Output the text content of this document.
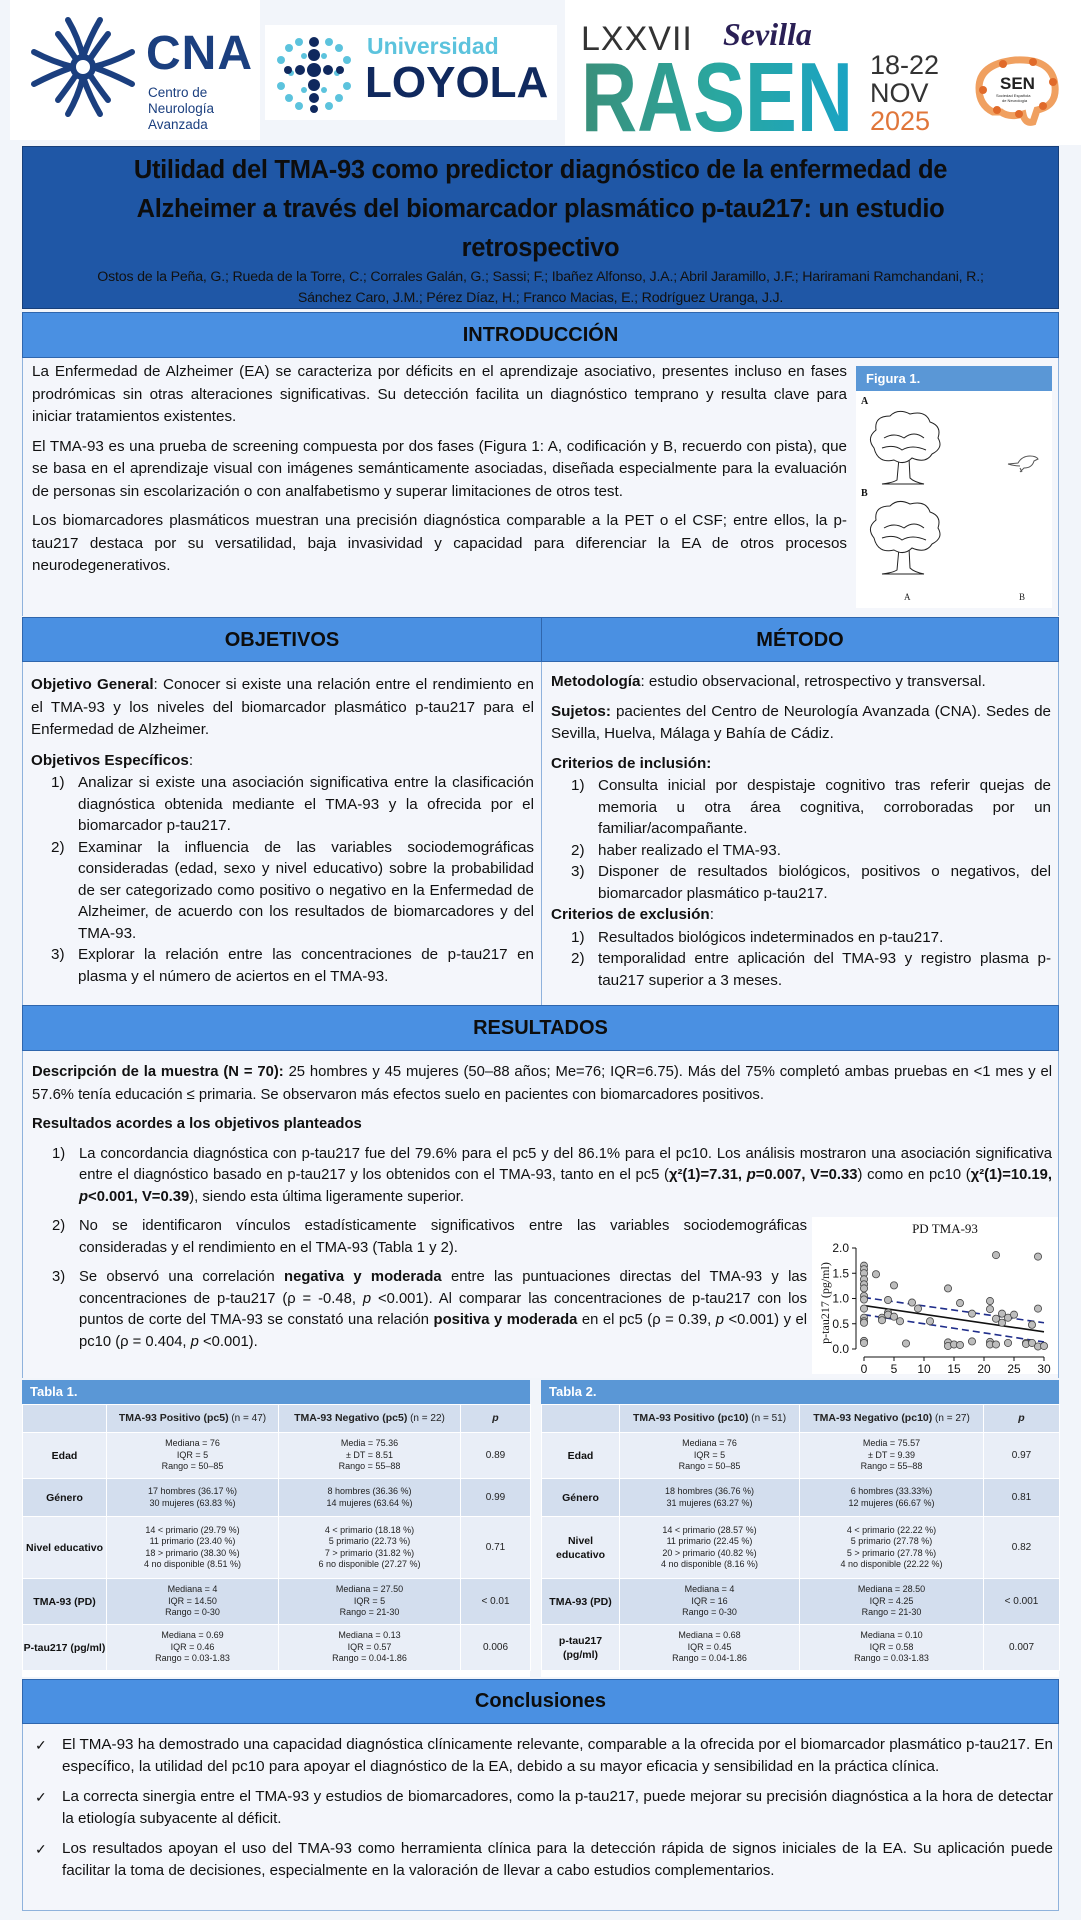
CNA
Centro de
Neurología
Avanzada
Universidad
LOYOLA
LXXVII Sevilla
RASEN 18-22
NOV
2025
SEN
Sociedad Española
de Neurología
Utilidad del TMA-93 como predictor diagnóstico de la enfermedad de Alzheimer a través del biomarcador plasmático p-tau217: un estudio retrospectivo
Ostos de la Peña, G.; Rueda de la Torre, C.; Corrales Galán, G.; Sassi; F.; Ibañez Alfonso, J.A.; Abril Jaramillo, J.F.; Hariramani Ramchandani, R.; Sánchez Caro, J.M.; Pérez Díaz, H.; Franco Macias, E.; Rodríguez Uranga, J.J.
INTRODUCCIÓN

La Enfermedad de Alzheimer (EA) se caracteriza por déficits en el aprendizaje asociativo, presentes incluso en fases prodrómicas sin otras alteraciones significativas. Su detección facilita un diagnóstico temprano y resulta clave para iniciar tratamientos existentes.

El TMA-93 es una prueba de screening compuesta por dos fases (Figura 1: A, codificación y B, recuerdo con pista), que se basa en el aprendizaje visual con imágenes semánticamente asociadas, diseñada especialmente para la evaluación de personas sin escolarización o con analfabetismo y superar limitaciones de otros test.

Los biomarcadores plasmáticos muestran una precisión diagnóstica comparable a la PET o el CSF; entre ellos, la p-tau217 destaca por su versatilidad, baja invasividad y capacidad para diferenciar la EA de otros procesos neurodegenerativos.

Figura 1.
A
B
A	B
OBJETIVOS

Objetivo General: Conocer si existe una relación entre el rendimiento en el TMA-93 y los niveles del biomarcador plasmático p-tau217 para el Enfermedad de Alzheimer.

Objetivos Específicos:

1) Analizar si existe una asociación significativa entre la clasificación diagnóstica obtenida mediante el TMA-93 y la ofrecida por el biomarcador p-tau217.
2) Examinar la influencia de las variables sociodemográficas consideradas (edad, sexo y nivel educativo) sobre la probabilidad de ser categorizado como positivo o negativo en la Enfermedad de Alzheimer, de acuerdo con los resultados de biomarcadores y del TMA-93.
3) Explorar la relación entre las concentraciones de p-tau217 en plasma y el número de aciertos en el TMA-93.
MÉTODO

Metodología: estudio observacional, retrospectivo y transversal.

Sujetos: pacientes del Centro de Neurología Avanzada (CNA). Sedes de Sevilla, Huelva, Málaga y Bahía de Cádiz.

Criterios de inclusión:

1) Consulta inicial por despistaje cognitivo tras referir quejas de memoria u otra área cognitiva, corroboradas por un familiar/acompañante.
2) haber realizado el TMA-93.
3) Disponer de resultados biológicos, positivos o negativos, del biomarcador plasmático p-tau217.

Criterios de exclusión:

1) Resultados biológicos indeterminados en p-tau217.
2) temporalidad entre aplicación del TMA-93 y registro plasma p-tau217 superior a 3 meses.
RESULTADOS

Descripción de la muestra (N = 70): 25 hombres y 45 mujeres (50–88 años; Me=76; IQR=6.75). Más del 75% completó ambas pruebas en <1 mes y el 57.6% tenía educación ≤ primaria. Se observaron más efectos suelo en pacientes con biomarcadores positivos.

Resultados acordes a los objetivos planteados

1) La concordancia diagnóstica con p-tau217 fue del 79.6% para el pc5 y del 86.1% para el pc10. Los análisis mostraron una asociación significativa entre el diagnóstico basado en p-tau217 y los obtenidos con el TMA-93, tanto en el pc5 (χ²(1)=7.31, p=0.007, V=0.33) como en pc10 (χ²(1)=10.19, p<0.001, V=0.39), siendo esta última ligeramente superior.
2) No se identificaron vínculos estadísticamente significativos entre las variables sociodemográficas consideradas y el rendimiento en el TMA-93 (Tabla 1 y 2).
3) Se observó una correlación negativa y moderada entre las puntuaciones directas del TMA-93 y las concentraciones de p-tau217 (ρ = -0.48, p <0.001). Al comparar las concentraciones de p-tau217 con los puntos de corte del TMA-93 se constató una relación positiva y moderada en el pc5 (ρ = 0.39, p <0.001) y el pc10 (ρ = 0.404, p <0.001).
PD TMA-93
p-tau217 (pg/ml)
0.0
0.5
1.0
1.5
2.0
0 5 10 15 20 25 30
Tabla 1.
	TMA-93 Positivo (pc5) (n = 47)	TMA-93 Negativo (pc5) (n = 22)	p
Edad	
Mediana = 76
IQR = 5
Rango = 50–85

Media = 75.36
± DT = 8.51
Rango = 55–88
	0.89
Género	
17 hombres (36.17 %)
30 mujeres (63.83 %)

8 hombres (36.36 %)
14 mujeres (63.64 %)	0.99
Nivel educativo	
14 < primario (29.79 %)
11 primario (23.40 %)
18 > primario (38.30 %)
4 no disponible (8.51 %)

4 < primario (18.18 %)
5 primario (22.73 %)
7 > primario (31.82 %)
6 no disponible (27.27 %)
	0.71
TMA-93 (PD)	
Mediana = 4
IQR = 14.50
Rango = 0-30

Mediana = 27.50
IQR = 5
Rango = 21-30
	< 0.01
P-tau217 (pg/ml)	
Mediana = 0.69
IQR = 0.46
Rango = 0.03-1.83

Mediana = 0.13
IQR = 0.57
Rango = 0.04-1.86
	0.006
Tabla 2.
	TMA-93 Positivo (pc10) (n = 51)	TMA-93 Negativo (pc10) (n = 27)	p
Edad	
Mediana = 76
IQR = 5
Rango = 50–85

Media = 75.57
± DT = 9.39
Rango = 55–88
	0.97
Género	
18 hombres (36.76 %)
31 mujeres (63.27 %)

6 hombres (33.33%)
12 mujeres (66.67 %)	0.81
Nivel educativo	
14 < primario (28.57 %)
11 primario (22.45 %)
20 > primario (40.82 %)
4 no disponible (8.16 %)

4 < primario (22.22 %)
5 primario (27.78 %)
5 > primario (27.78 %)
4 no disponible (22.22 %)
	0.82
TMA-93 (PD)	
Mediana = 4
IQR = 16
Rango = 0-30

Mediana = 28.50
IQR = 4.25
Rango = 21-30
	< 0.001
p-tau217 (pg/ml)	
Mediana = 0.68
IQR = 0.45
Rango = 0.04-1.86

Mediana = 0.10
IQR = 0.58
Rango = 0.03-1.83
	0.007
Conclusiones
✓ El TMA-93 ha demostrado una capacidad diagnóstica clínicamente relevante, comparable a la ofrecida por el biomarcador plasmático p-tau217. En específico, la utilidad del pc10 para apoyar el diagnóstico de la EA, debido a su mayor eficacia y sensibilidad en la práctica clínica.
✓ La correcta sinergia entre el TMA-93 y estudios de biomarcadores, como la p-tau217, puede mejorar su precisión diagnóstica a la hora de detectar la etiología subyacente al déficit.
✓ Los resultados apoyan el uso del TMA-93 como herramienta clínica para la detección rápida de signos iniciales de la EA. Su aplicación puede facilitar la toma de decisiones, especialmente en la valoración de llevar a cabo estudios complementarios.
